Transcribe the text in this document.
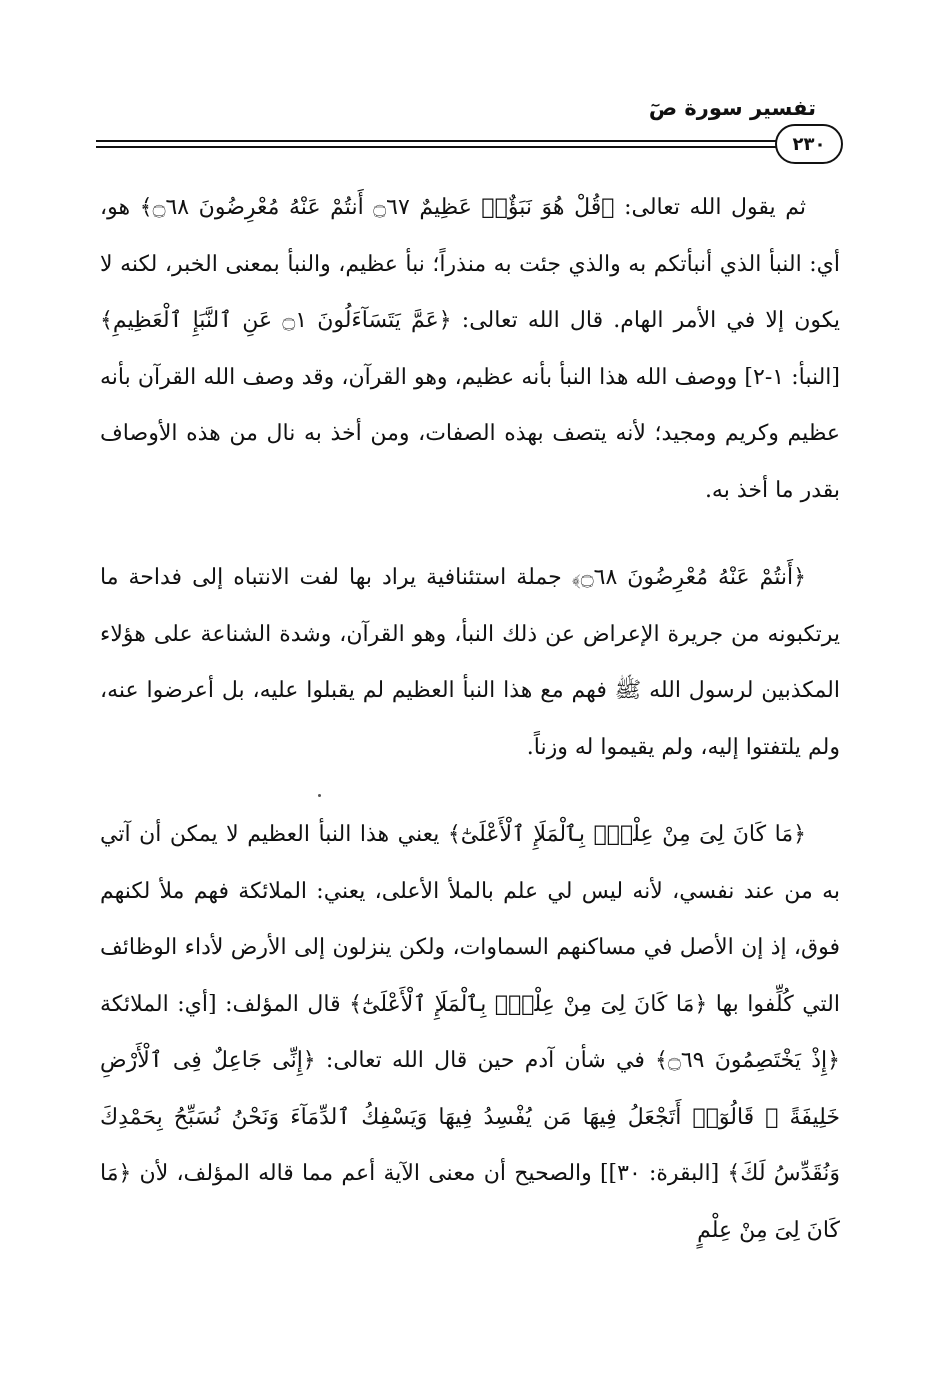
تفسير سورة صٓ
٢٣٠

ثم يقول الله تعالى: ﴿قُلْ هُوَ نَبَؤٌا۟ عَظِيمٌ ۝٦٧ أَنتُمْ عَنْهُ مُعْرِضُونَ ۝٦٨﴾ هو، أي: النبأ الذي أنبأتكم به والذي جئت به منذراً؛ نبأ عظيم، والنبأ بمعنى الخبر، لكنه لا يكون إلا في الأمر الهام. قال الله تعالى: ﴿عَمَّ يَتَسَآءَلُونَ ۝١ عَنِ ٱلنَّبَإِ ٱلْعَظِيمِ﴾ [النبأ: ١-٢] ووصف الله هذا النبأ بأنه عظيم، وهو القرآن، وقد وصف الله القرآن بأنه عظيم وكريم ومجيد؛ لأنه يتصف بهذه الصفات، ومن أخذ به نال من هذه الأوصاف بقدر ما أخذ به.

﴿أَنتُمْ عَنْهُ مُعْرِضُونَ ۝٦٨﴾ جملة استئنافية يراد بها لفت الانتباه إلى فداحة ما يرتكبونه من جريرة الإعراض عن ذلك النبأ، وهو القرآن، وشدة الشناعة على هؤلاء المكذبين لرسول الله ﷺ فهم مع هذا النبأ العظيم لم يقبلوا عليه، بل أعرضوا عنه، ولم يلتفتوا إليه، ولم يقيموا له وزناً.

﴿مَا كَانَ لِىَ مِنْ عِلْمٍۭ بِٱلْمَلَإِ ٱلْأَعْلَىٰٓ﴾ يعني هذا النبأ العظيم لا يمكن أن آتي به من عند نفسي، لأنه ليس لي علم بالملأ الأعلى، يعني: الملائكة فهم ملأ لكنهم فوق، إذ إن الأصل في مساكنهم السماوات، ولكن ينزلون إلى الأرض لأداء الوظائف التي كُلِّفوا بها ﴿مَا كَانَ لِىَ مِنْ عِلْمٍۭ بِٱلْمَلَإِ ٱلْأَعْلَىٰٓ﴾ قال المؤلف: [أي: الملائكة ﴿إِذْ يَخْتَصِمُونَ ۝٦٩﴾ في شأن آدم حين قال الله تعالى: ﴿إِنِّى جَاعِلٌ فِى ٱلْأَرْضِ خَلِيفَةً ۖ قَالُوٓا۟ أَتَجْعَلُ فِيهَا مَن يُفْسِدُ فِيهَا وَيَسْفِكُ ٱلدِّمَآءَ وَنَحْنُ نُسَبِّحُ بِحَمْدِكَ وَنُقَدِّسُ لَكَ﴾ [البقرة: ٣٠]] والصحيح أن معنى الآية أعم مما قاله المؤلف، لأن ﴿مَا كَانَ لِىَ مِنْ عِلْمٍ
